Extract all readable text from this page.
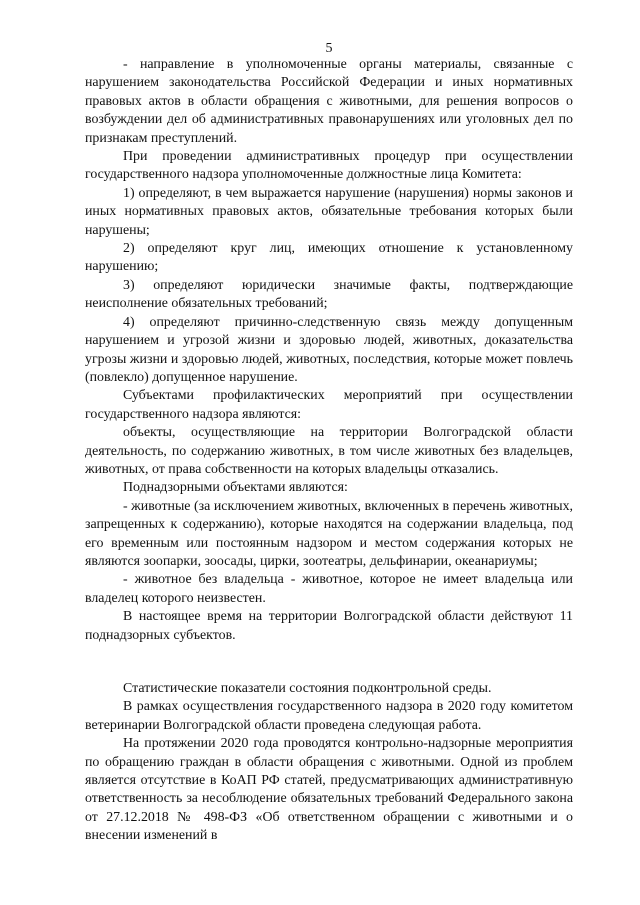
5

- направление в уполномоченные органы материалы, связанные с нарушением законодательства Российской Федерации и иных нормативных правовых актов в области обращения с животными, для решения вопросов о возбуждении дел об административных правонарушениях или уголовных дел по признакам преступлений.

При проведении административных процедур при осуществлении государственного надзора уполномоченные должностные лица Комитета:

1) определяют, в чем выражается нарушение (нарушения) нормы законов и иных нормативных правовых актов, обязательные требования которых были нарушены;

2) определяют круг лиц, имеющих отношение к установленному нарушению;

3) определяют юридически значимые факты, подтверждающие неисполнение обязательных требований;

4) определяют причинно-следственную связь между допущенным нарушением и угрозой жизни и здоровью людей, животных, доказательства угрозы жизни и здоровью людей, животных, последствия, которые может повлечь (повлекло) допущенное нарушение.

Субъектами профилактических мероприятий при осуществлении государственного надзора являются:

объекты, осуществляющие на территории Волгоградской области деятельность, по содержанию животных, в том числе животных без владельцев, животных, от права собственности на которых владельцы отказались.

Поднадзорными объектами являются:

- животные (за исключением животных, включенных в перечень животных, запрещенных к содержанию), которые находятся на содержании владельца, под его временным или постоянным надзором и местом содержания которых не являются зоопарки, зоосады, цирки, зоотеатры, дельфинарии, океанариумы;

- животное без владельца - животное, которое не имеет владельца или владелец которого неизвестен.

В настоящее время на территории Волгоградской области действуют 11 поднадзорных субъектов.

Статистические показатели состояния подконтрольной среды.

В рамках осуществления государственного надзора в 2020 году комитетом ветеринарии Волгоградской области проведена следующая работа.

На протяжении 2020 года проводятся контрольно-надзорные мероприятия по обращению граждан в области обращения с животными. Одной из проблем является отсутствие в КоАП РФ статей, предусматривающих административную ответственность за несоблюдение обязательных требований Федерального закона от 27.12.2018 № 498-ФЗ «Об ответственном обращении с животными и о внесении изменений в
